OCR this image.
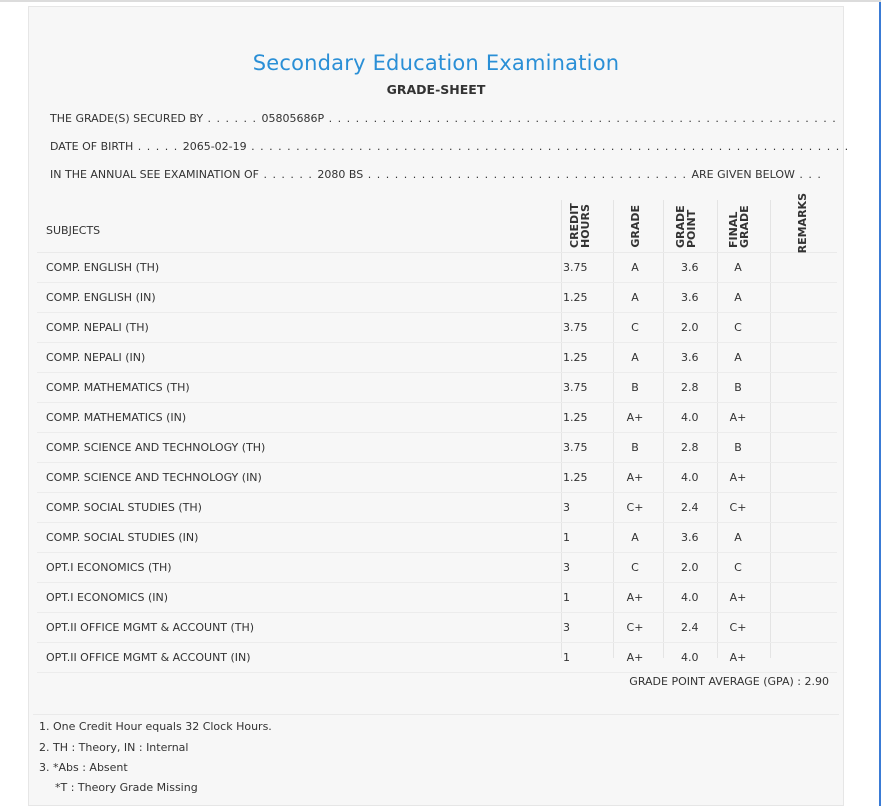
Secondary Education Examination
GRADE-SHEET
THE GRADE(S) SECURED BY . . . . . . 05805686P . . . . . . . . . . . . . . . . . . . . . . . . . . . . . . . . . . . . . . . . . . . . . . . . . . . . . . . . .
DATE OF BIRTH . . . . . 2065-02-19 . . . . . . . . . . . . . . . . . . . . . . . . . . . . . . . . . . . . . . . . . . . . . . . . . . . . . . . . . . . . . . . . . . .
IN THE ANNUAL SEE EXAMINATION OF . . . . . . 2080 BS . . . . . . . . . . . . . . . . . . . . . . . . . . . . . . . . . . . . ARE GIVEN BELOW . . .
SUBJECTS	CREDIT HOURS	GRADE	GRADE POINT	FINAL GRADE	REMARKS
COMP. ENGLISH (TH)	3.75	A	3.6	A
COMP. ENGLISH (IN)	1.25	A	3.6	A
COMP. NEPALI (TH)	3.75	C	2.0	C
COMP. NEPALI (IN)	1.25	A	3.6	A
COMP. MATHEMATICS (TH)	3.75	B	2.8	B
COMP. MATHEMATICS (IN)	1.25	A+	4.0	A+
COMP. SCIENCE AND TECHNOLOGY (TH)	3.75	B	2.8	B
COMP. SCIENCE AND TECHNOLOGY (IN)	1.25	A+	4.0	A+
COMP. SOCIAL STUDIES (TH)	3	C+	2.4	C+
COMP. SOCIAL STUDIES (IN)	1	A	3.6	A
OPT.I ECONOMICS (TH)	3	C	2.0	C
OPT.I ECONOMICS (IN)	1	A+	4.0	A+
OPT.II OFFICE MGMT & ACCOUNT (TH)	3	C+	2.4	C+
OPT.II OFFICE MGMT & ACCOUNT (IN)	1	A+	4.0	A+
GRADE POINT AVERAGE (GPA) : 2.90
1. One Credit Hour equals 32 Clock Hours.
2. TH : Theory, IN : Internal
3. *Abs : Absent
*T : Theory Grade Missing
